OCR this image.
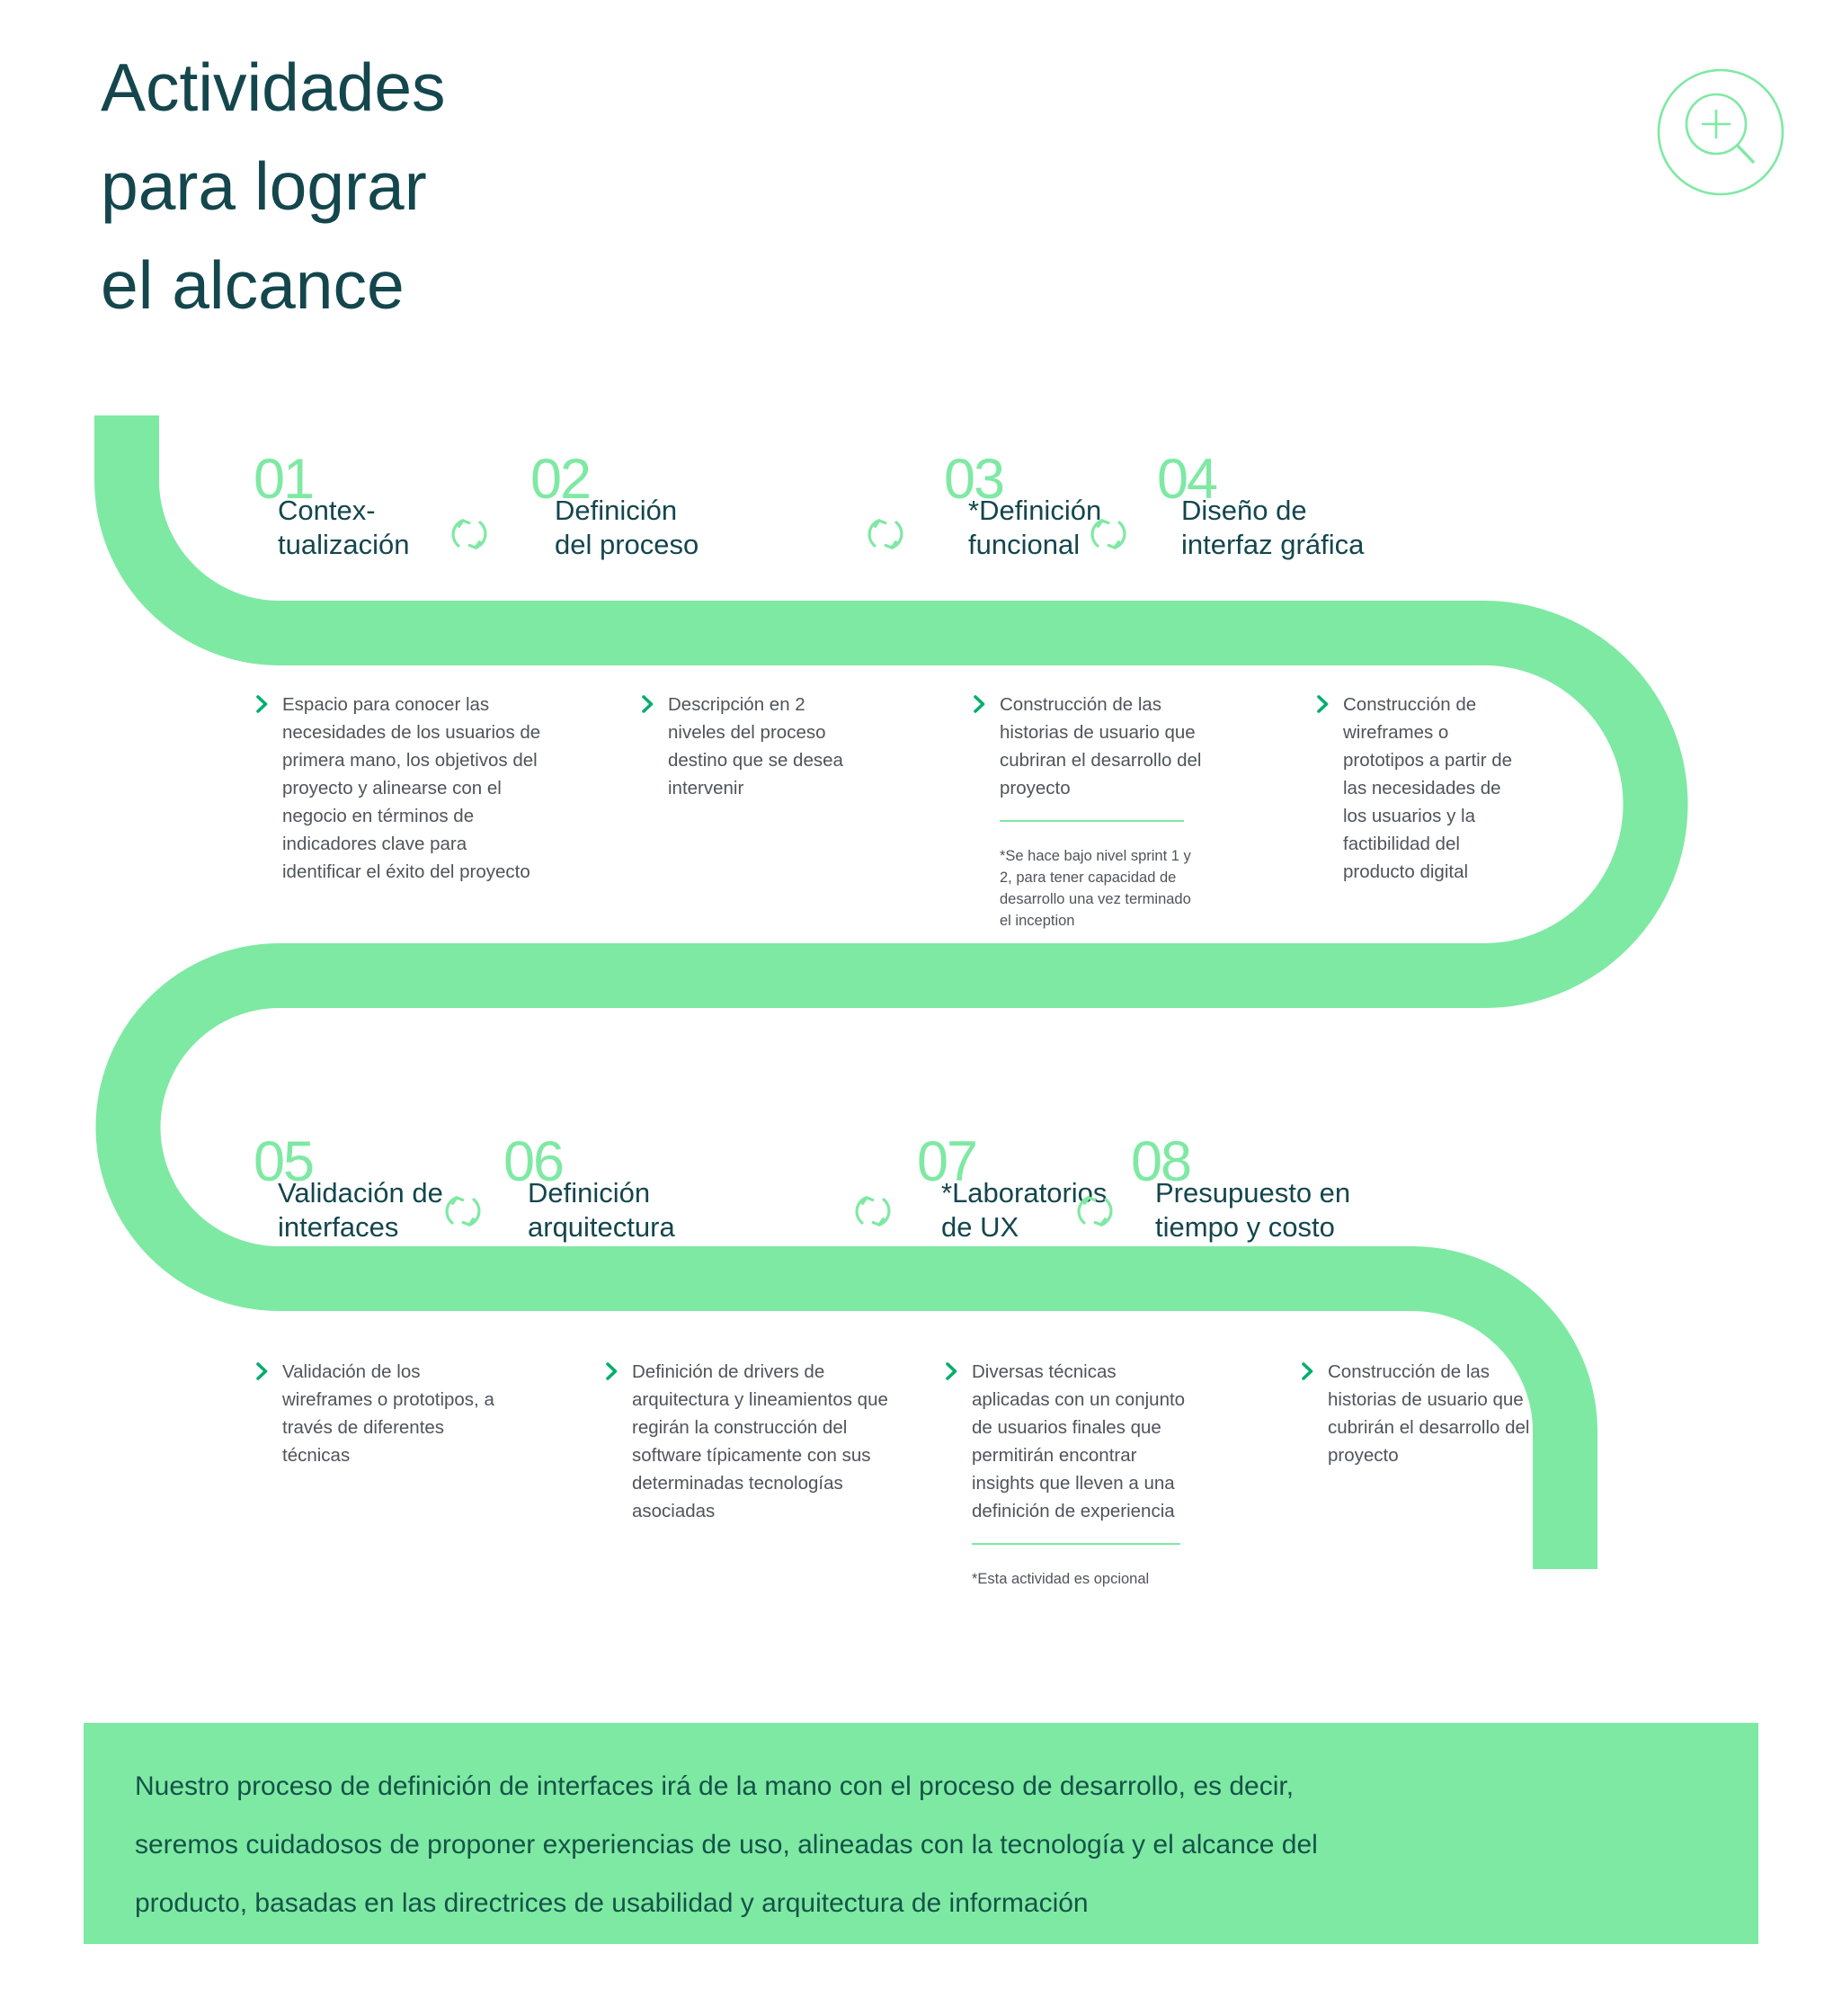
Actividades
para lograr
el alcance
01
Contex-
tualización
02
Definición
del proceso
03
*Definición
funcional
04
Diseño de
interfaz gráfica
Espacio para conocer las necesidades de los usuarios de primera mano, los objetivos del proyecto y alinearse con el negocio en términos de indicadores clave para identificar el éxito del proyecto
Descripción en 2 niveles del proceso destino que se desea intervenir
Construcción de las historias de usuario que cubriran el desarrollo del proyecto
*Se hace bajo nivel sprint 1 y 2, para tener capacidad de desarrollo una vez terminado el inception
Construcción de wireframes o prototipos a partir de las necesidades de los usuarios y la factibilidad del producto digital
05
Validación de
interfaces
06
Definición
arquitectura
07
*Laboratorios
de UX
08
Presupuesto en
tiempo y costo
Validación de los wireframes o prototipos, a través de diferentes técnicas
Definición de drivers de arquitectura y lineamientos que regirán la construcción del software típicamente con sus determinadas tecnologías asociadas
Diversas técnicas aplicadas con un conjunto de usuarios finales que permitirán encontrar insights que lleven a una definición de experiencia
*Esta actividad es opcional
Construcción de las historias de usuario que cubrirán el desarrollo del proyecto
Nuestro proceso de definición de interfaces irá de la mano con el proceso de desarrollo, es decir,
seremos cuidadosos de proponer experiencias de uso, alineadas con la tecnología y el alcance del
producto, basadas en las directrices de usabilidad y arquitectura de información
